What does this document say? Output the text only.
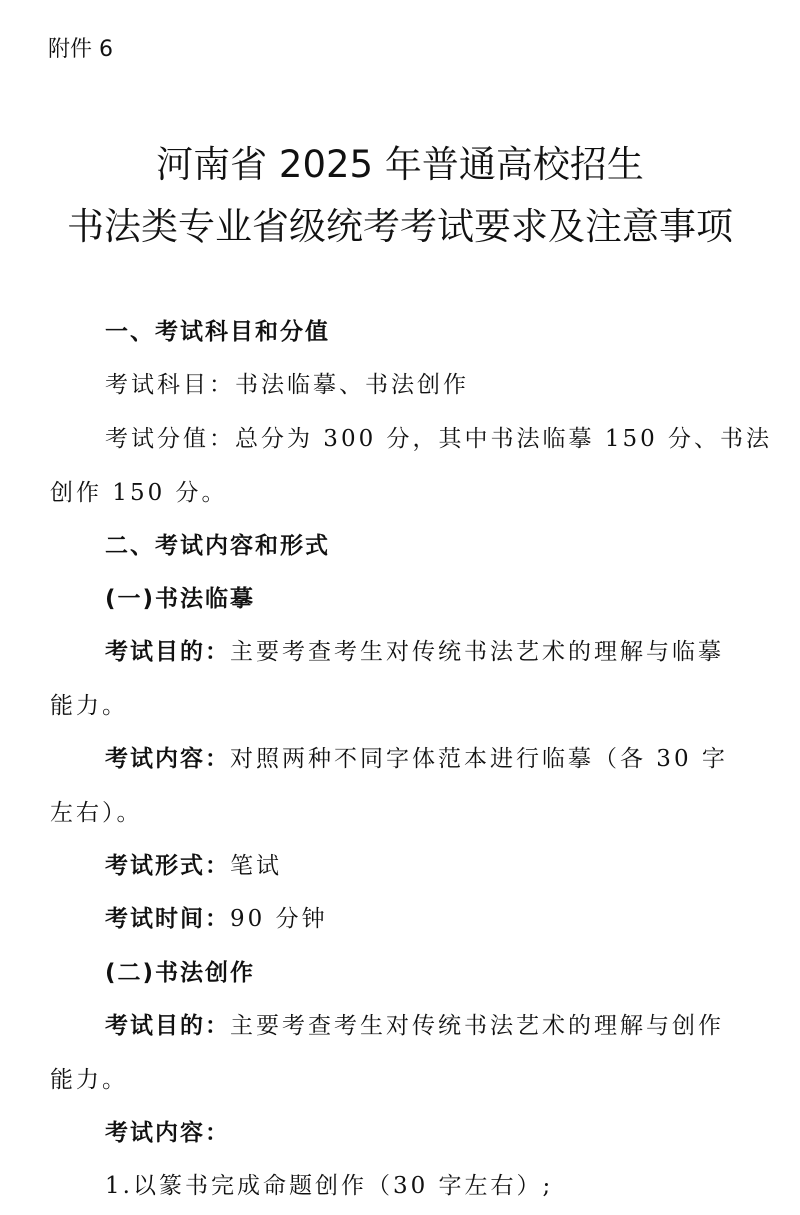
附件 6
河南省 2025 年普通高校招生
书法类专业省级统考考试要求及注意事项
一、考试科目和分值
考试科目：书法临摹、书法创作
考试分值：总分为 300 分，其中书法临摹 150 分、书法
创作 150 分。
二、考试内容和形式
(一)书法临摹
考试目的：主要考查考生对传统书法艺术的理解与临摹
能力。
考试内容：对照两种不同字体范本进行临摹（各 30 字
左右）。
考试形式：笔试
考试时间：90 分钟
(二)书法创作
考试目的：主要考查考生对传统书法艺术的理解与创作
能力。
考试内容：
1.以篆书完成命题创作（30 字左右）;
